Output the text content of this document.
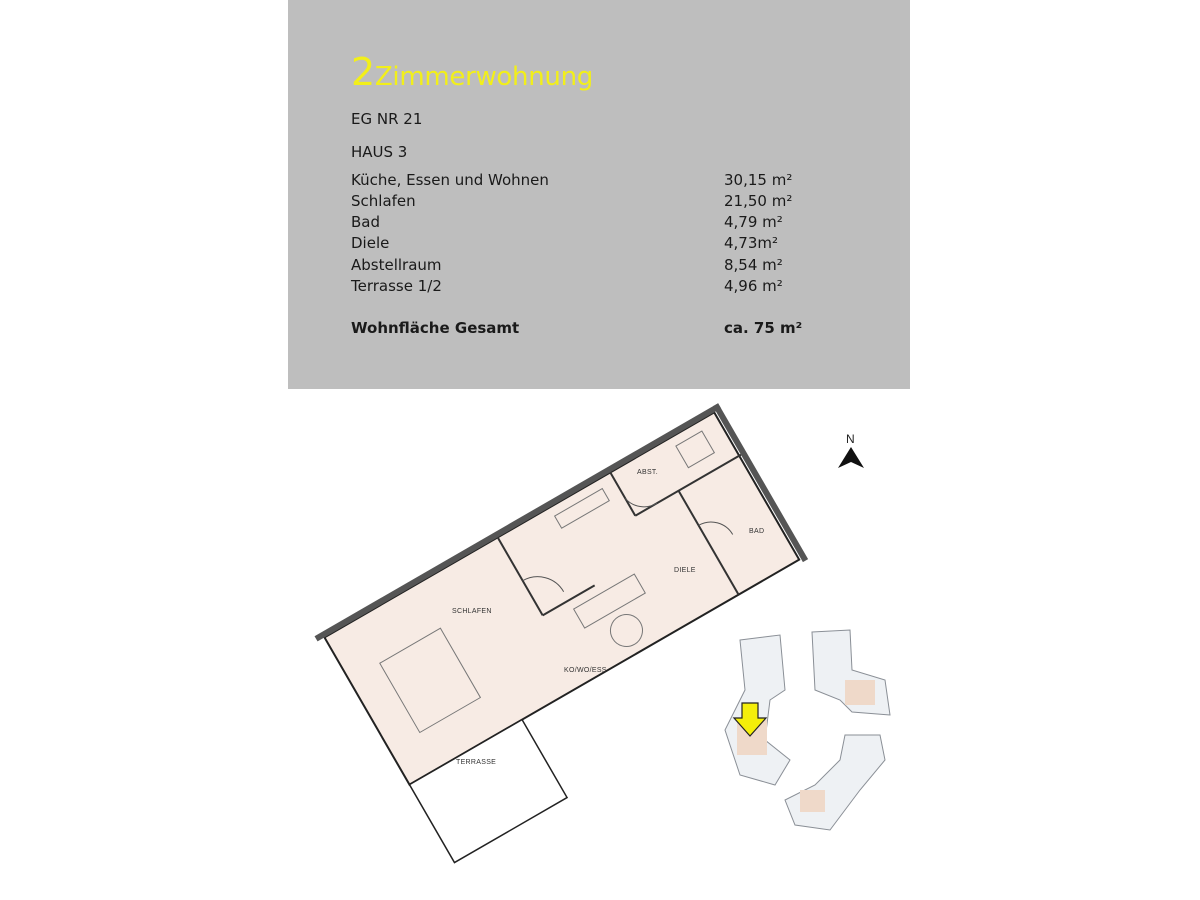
2Zimmerwohnung
EG NR 21
HAUS 3
Küche, Essen und Wohnen	30,15 m²
Schlafen	21,50 m²
Bad	4,79 m²
Diele	4,73m²
Abstellraum	8,54 m²
Terrasse 1/2	4,96 m²
Wohnfläche Gesamt	ca. 75 m²
ABST.
BAD
DIELE
SCHLAFEN
KO/WO/ESS
TERRASSE
N
